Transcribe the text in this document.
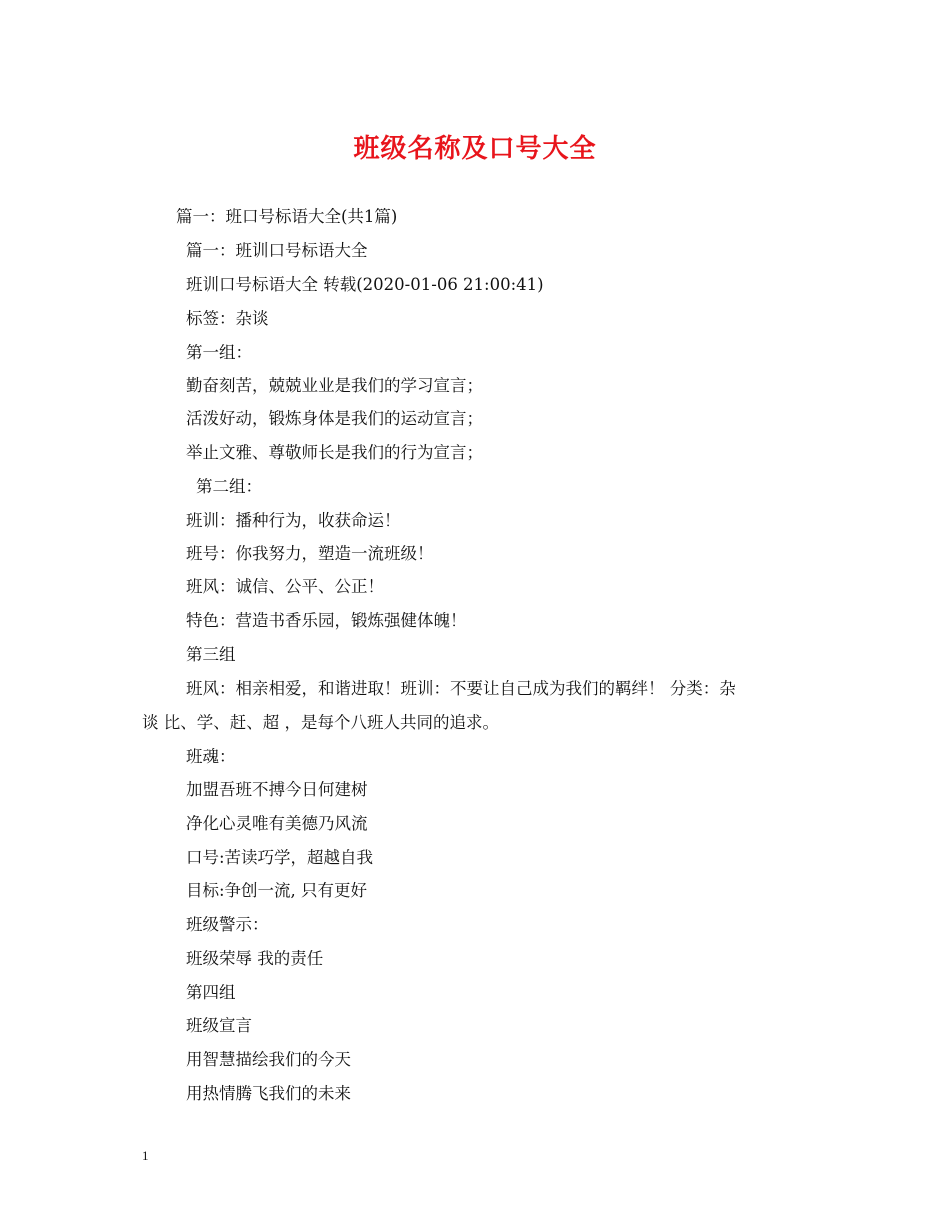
班级名称及口号大全
篇一：班口号标语大全(共1篇)
篇一：班训口号标语大全
班训口号标语大全 转载(2020-01-06 21:00:41)
标签：杂谈
第一组：
勤奋刻苦，兢兢业业是我们的学习宣言；
活泼好动，锻炼身体是我们的运动宣言；
举止文雅、尊敬师长是我们的行为宣言；
第二组：
班训：播种行为，收获命运！
班号：你我努力，塑造一流班级！
班风：诚信、公平、公正！
特色：营造书香乐园，锻炼强健体魄！
第三组
班风：相亲相爱，和谐进取！班训：不要让自己成为我们的羁绊！ 分类：杂
谈 比、学、赶、超 ，是每个八班人共同的追求。
班魂：
加盟吾班不搏今日何建树
净化心灵唯有美德乃风流
口号:苦读巧学，超越自我
目标:争创一流, 只有更好
班级警示：
班级荣辱 我的责任
第四组
班级宣言
用智慧描绘我们的今天
用热情腾飞我们的未来
1
